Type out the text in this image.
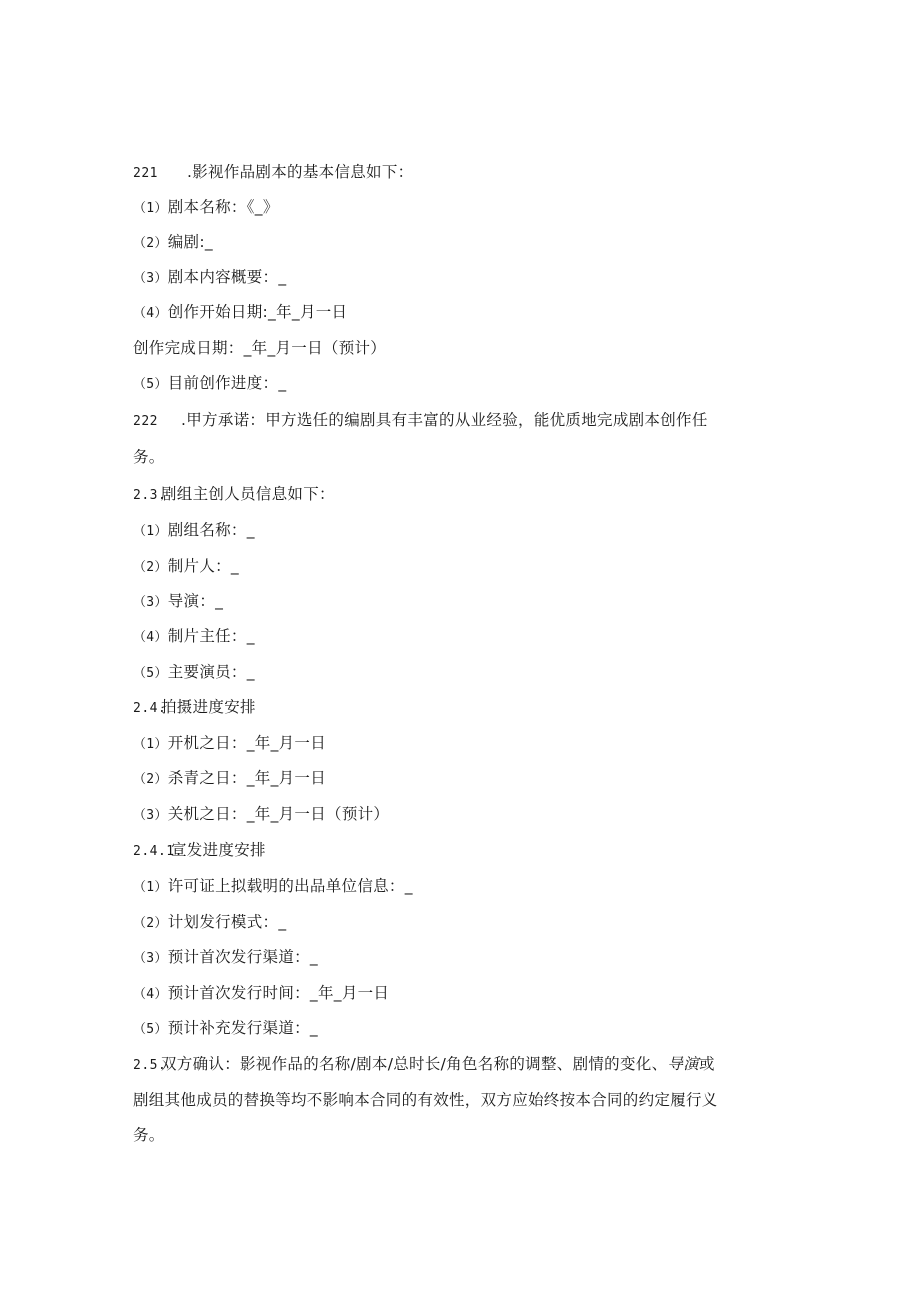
221 .影视作品剧本的基本信息如下：
（1）剧本名称：《_》
（2）编剧:_
（3）剧本内容概要：_
（4）创作开始日期:_年_月一日
创作完成日期：_年_月一日（预计）
（5）目前创作进度：_
222 .甲方承诺：甲方选任的编剧具有丰富的从业经验，能优质地完成剧本创作任
务。
2.3.剧组主创人员信息如下：
（1）剧组名称：_
（2）制片人：_
（3）导演：_
（4）制片主任：_
（5）主要演员：_
2.4.拍摄进度安排
（1）开机之日：_年_月一日
（2）杀青之日：_年_月一日
（3）关机之日：_年_月一日（预计）
2.4.1.宣发进度安排
（1）许可证上拟载明的出品单位信息：_
（2）计划发行模式：_
（3）预计首次发行渠道：_
（4）预计首次发行时间：_年_月一日
（5）预计补充发行渠道：_
2.5.双方确认：影视作品的名称/剧本/总时长/角色名称的调整、剧情的变化、导演或
剧组其他成员的替换等均不影响本合同的有效性，双方应始终按本合同的约定履行义
务。
